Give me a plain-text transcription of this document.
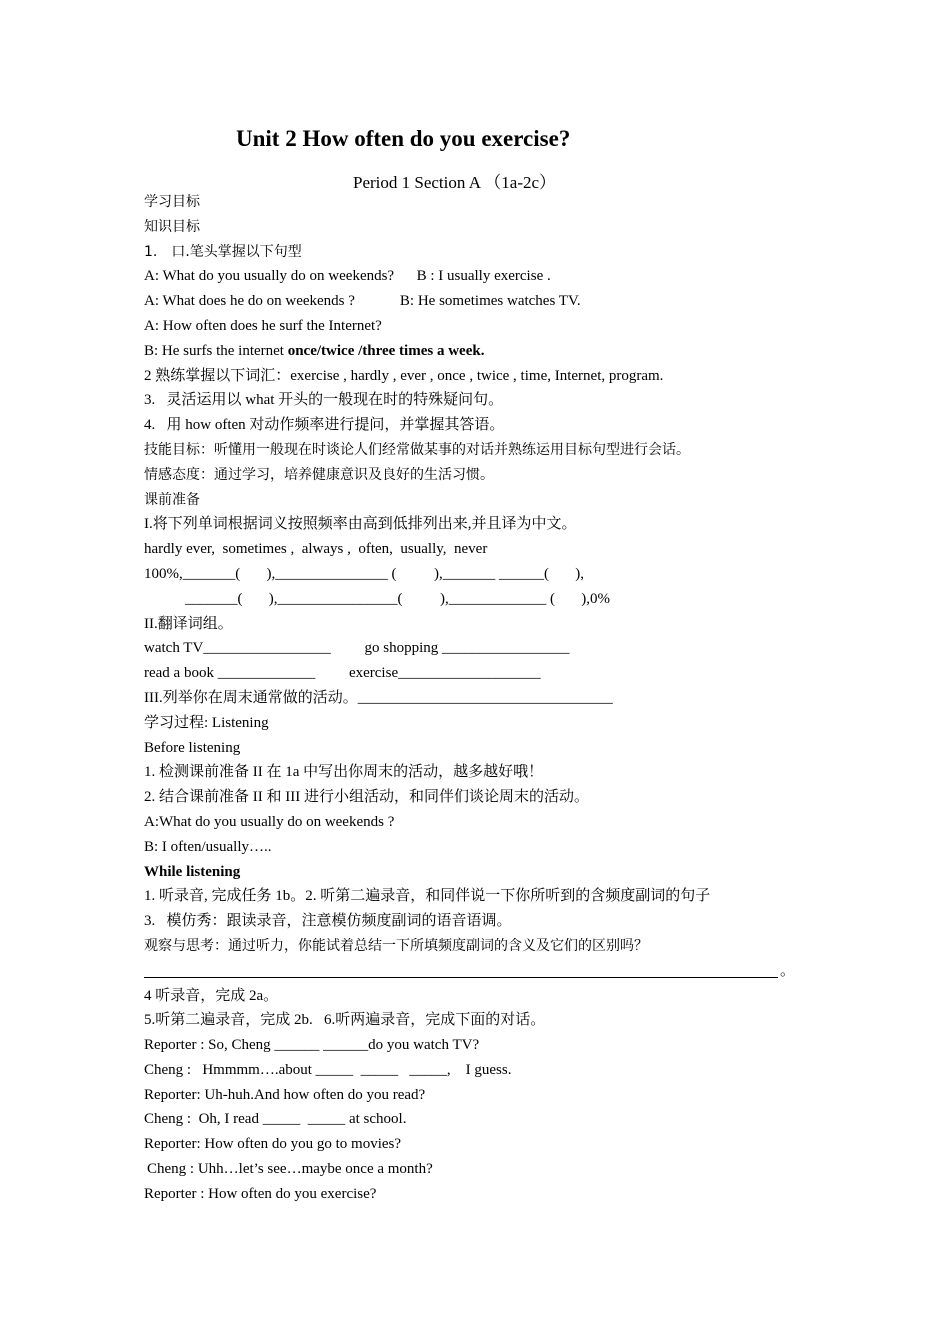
Unit 2 How often do you exercise?
Period 1 Section A （1a-2c）
学习目标
知识目标
1.　口.笔头掌握以下句型
A: What do you usually do on weekends?      B : I usually exercise .
A: What does he do on weekends ?            B: He sometimes watches TV.
A: How often does he surf the Internet?
B: He surfs the internet once/twice /three times a week.
2 熟练掌握以下词汇：exercise , hardly , ever , once , twice , time, Internet, program.
3.   灵活运用以 what 开头的一般现在时的特殊疑问句。
4.   用 how often 对动作频率进行提问，并掌握其答语。
技能目标：听懂用一般现在时谈论人们经常做某事的对话并熟练运用目标句型进行会话。
情感态度：通过学习，培养健康意识及良好的生活习惯。
课前准备
I.将下列单词根据词义按照频率由高到低排列出来,并且译为中文。
hardly ever,  sometimes ,  always ,  often,  usually,  never
100%,_______(       ),_______________ (          ),_______ ______(       ),
_______(       ),________________(          ),_____________ (       ),0%
II.翻译词组。
watch TV_________________         go shopping _________________
read a book _____________         exercise___________________
III.列举你在周末通常做的活动。__________________________________
学习过程: Listening
Before listening
1. 检测课前准备 II 在 1a 中写出你周末的活动，越多越好哦！
2. 结合课前准备 II 和 III 进行小组活动，和同伴们谈论周末的活动。
A:What do you usually do on weekends ?
B: I often/usually…..
While listening
1. 听录音, 完成任务 1b。2. 听第二遍录音，和同伴说一下你所听到的含频度副词的句子
3.   模仿秀：跟读录音，注意模仿频度副词的语音语调。
观察与思考：通过听力，你能试着总结一下所填频度副词的含义及它们的区别吗？
。
4 听录音，完成 2a。
5.听第二遍录音，完成 2b.   6.听两遍录音，完成下面的对话。
Reporter : So, Cheng ______ ______do you watch TV?
Cheng :   Hmmmm….about _____  _____   _____,    I guess.
Reporter: Uh-huh.And how often do you read?
Cheng :  Oh, I read _____  _____ at school.
Reporter: How often do you go to movies?
Cheng : Uhh…let’s see…maybe once a month?
Reporter : How often do you exercise?
